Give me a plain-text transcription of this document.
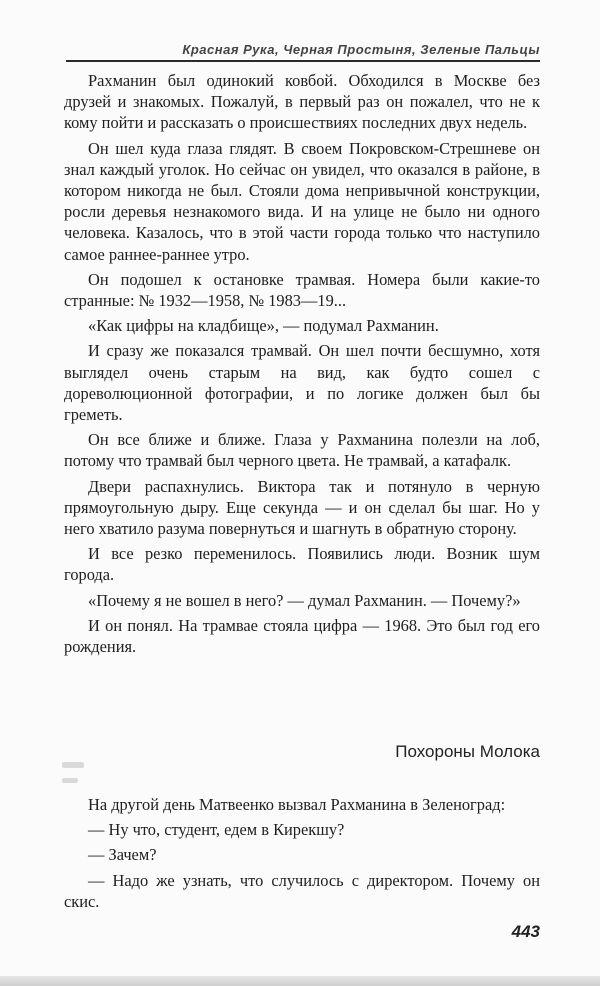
Красная Рука, Черная Простыня, Зеленые Пальцы

Рахманин был одинокий ковбой. Обходился в Москве без друзей и знакомых. Пожалуй, в первый раз он пожалел, что не к кому пойти и рассказать о происшествиях последних двух недель.

Он шел куда глаза глядят. В своем Покровском-Стрешневе он знал каждый уголок. Но сейчас он увидел, что оказался в районе, в котором никогда не был. Стояли дома непривычной конструкции, росли деревья незнакомого вида. И на улице не было ни одного человека. Казалось, что в этой части города только что наступило самое раннее-раннее утро.

Он подошел к остановке трамвая. Номера были какие-то странные: № 1932—1958, № 1983—19...

«Как цифры на кладбище», — подумал Рахманин.

И сразу же показался трамвай. Он шел почти бесшумно, хотя выглядел очень старым на вид, как будто сошел с дореволюционной фотографии, и по логике должен был бы греметь.

Он все ближе и ближе. Глаза у Рахманина полезли на лоб, потому что трамвай был черного цвета. Не трамвай, а катафалк.

Двери распахнулись. Виктора так и потянуло в черную прямоугольную дыру. Еще секунда — и он сделал бы шаг. Но у него хватило разума повернуться и шагнуть в обратную сторону.

И все резко переменилось. Появились люди. Возник шум города.

«Почему я не вошел в него? — думал Рахманин. — Почему?»

И он понял. На трамвае стояла цифра — 1968. Это был год его рождения.

Похороны Молока

На другой день Матвеенко вызвал Рахманина в Зеленоград:

— Ну что, студент, едем в Кирекшу?

— Зачем?

— Надо же узнать, что случилось с директором. Почему он скис.

443
